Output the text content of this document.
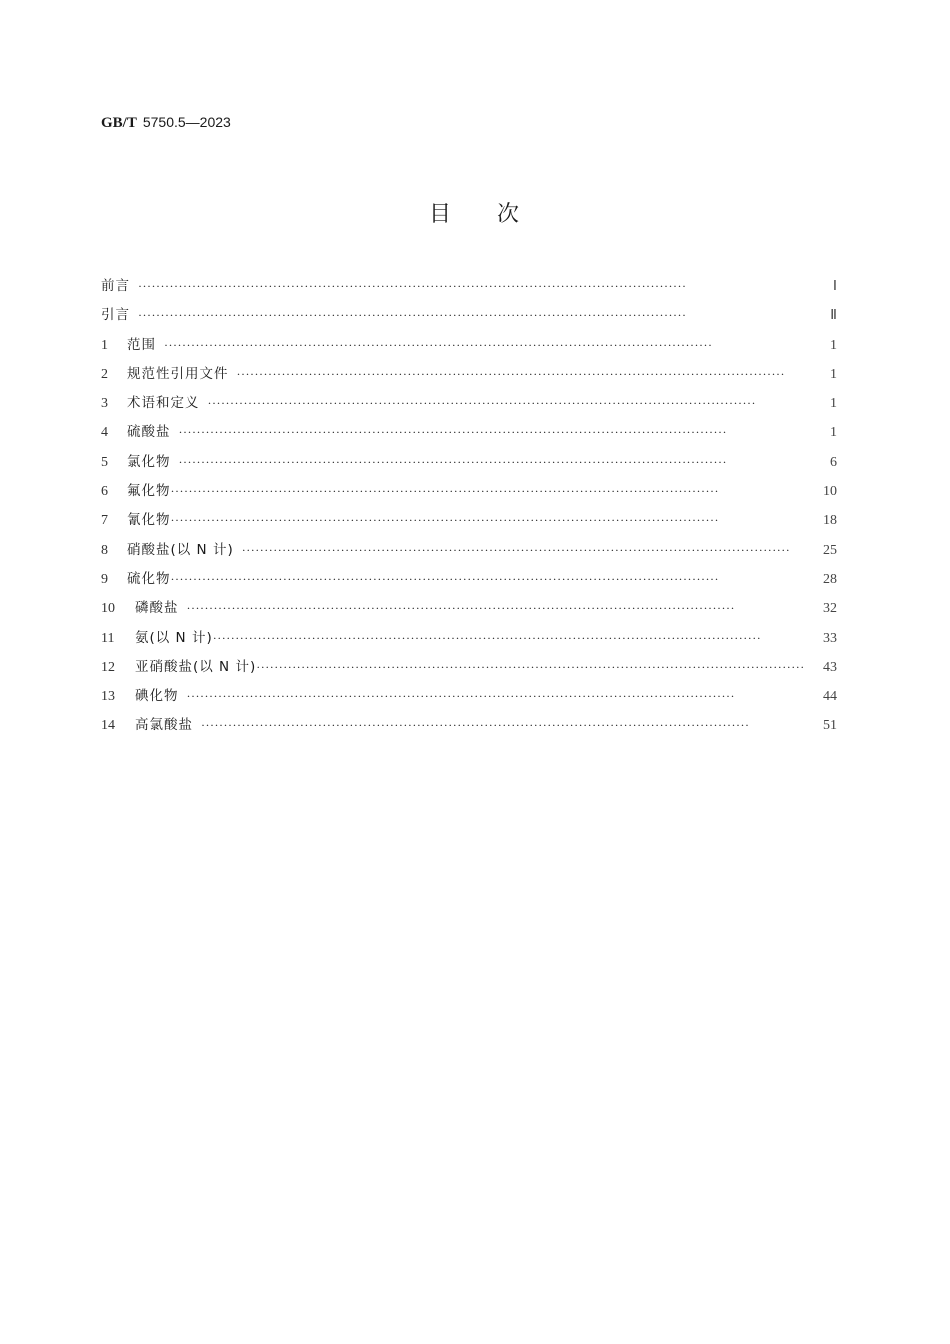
GB/T 5750.5—2023
目 次
前言 ··························································································································	Ⅰ
引言 ··························································································································	Ⅱ
1	范围 ··························································································································	1
2	规范性引用文件 ··························································································································	1
3	术语和定义 ··························································································································	1
4	硫酸盐 ··························································································································	1
5	氯化物 ··························································································································	6
6	氟化物 ··························································································································	10
7	氰化物 ··························································································································	18
8	硝酸盐(以 N 计) ··························································································································	25
9	硫化物 ··························································································································	28
10	磷酸盐 ··························································································································	32
11	氨(以 N 计) ··························································································································	33
12	亚硝酸盐(以 N 计) ··························································································································	43
13	碘化物 ··························································································································	44
14	高氯酸盐 ··························································································································	51
